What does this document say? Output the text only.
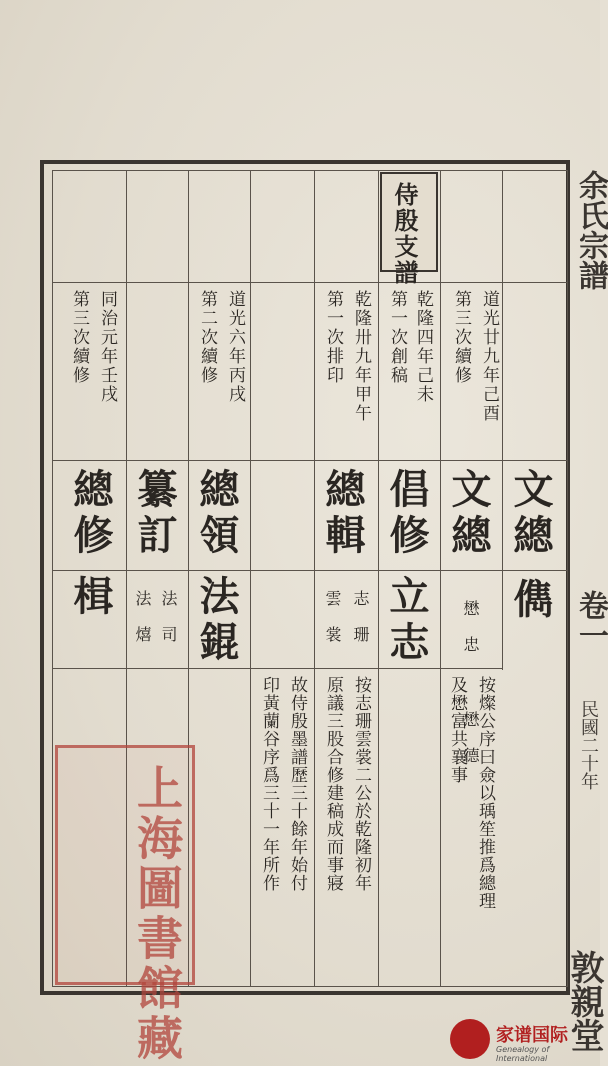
余氏宗譜
卷一
民國二十年
敦親堂
侍殷支譜
道光廿九年己酉
第三次續修
文總
儁
文總
懋忠 懋德
按燦公序曰僉以瑀笙推爲總理
及懋富共襄事
乾隆四年己未
第一次創稿
倡修
立志
乾隆卅九年甲午
第一次排印
總輯
志珊
雲裳
按志珊雲裳二公於乾隆初年
原議三股合修建稿成而事寢
故侍殷墨譜歷三十餘年始付
印黃蘭谷序爲三十一年所作
道光六年丙戌
第二次續修
總領
法錕
纂訂
法司
法熺
同治元年壬戌
第三次續修
總修
楫
上海圖書館藏	家谱国际
Genealogy of International
